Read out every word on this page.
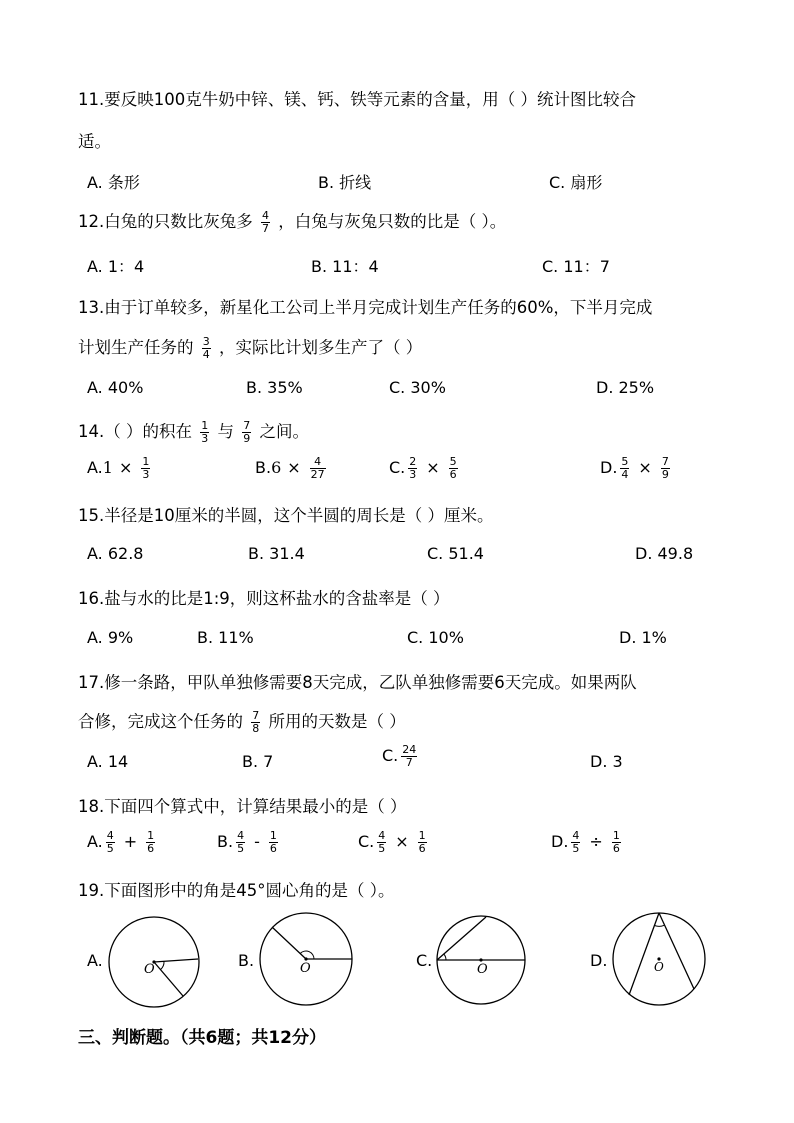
11.要反映100克牛奶中锌、镁、钙、铁等元素的含量，用（ ）统计图比较合
适。
A. 条形	B. 折线	C. 扇形
12.白兔的只数比灰兔多 $\frac{4}{7}$ ，白兔与灰兔只数的比是（ ）。
A. 1：4	B. 11：4	C. 11：7
13.由于订单较多，新星化工公司上半月完成计划生产任务的60%，下半月完成
计划生产任务的 $\frac{3}{4}$ ，实际比计划多生产了（ ）
A. 40%	B. 35%	C. 30%	D. 25%
14.（ ）的积在 $\frac{1}{3}$ 与 $\frac{7}{9}$ 之间。
$A.1 \times \frac{1}{3}$	$B.6 \times \frac{4}{27}$	C. $\frac{2}{3} \times \frac{5}{6}$	D. $\frac{5}{4} \times \frac{7}{9}$
15.半径是10厘米的半圆，这个半圆的周长是（ ）厘米。
A. 62.8	B. 31.4	C. 51.4	D. 49.8
16.盐与水的比是1:9，则这杯盐水的含盐率是（ ）
A. 9%	B. 11%	C. 10%	D. 1%
17.修一条路，甲队单独修需要8天完成，乙队单独修需要6天完成。如果两队
合修，完成这个任务的 $\frac{7}{8}$ 所用的天数是（ ）
A. 14	B. 7	C. $\frac{24}{7}$	D. 3
18.下面四个算式中，计算结果最小的是（ ）
A. $\frac{4}{5} + \frac{1}{6}$	B. $\frac{4}{5} - \frac{1}{6}$	C. $\frac{4}{5} \times \frac{1}{6}$	D. $\frac{4}{5} \div \frac{1}{6}$
19.下面图形中的角是45°圆心角的是（ ）。
A.	O	B.	O	C.	O	D.	O
三、判断题。（共6题；共12分）
